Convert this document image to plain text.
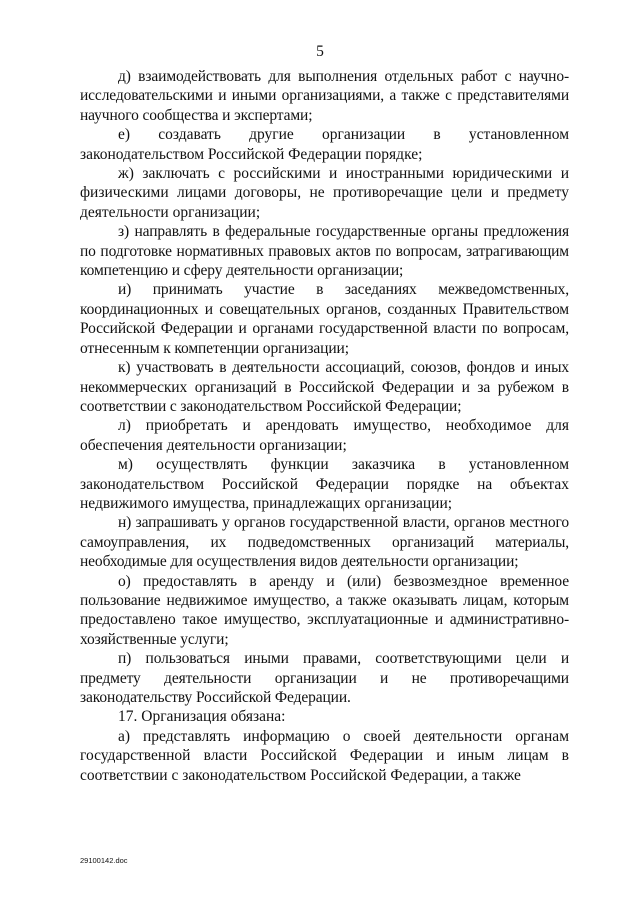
5

д) взаимодействовать для выполнения отдельных работ с научно-исследовательскими и иными организациями, а также с представителями научного сообщества и экспертами;

е) создавать другие организации в установленном законодательством Российской Федерации порядке;

ж) заключать с российскими и иностранными юридическими и физическими лицами договоры, не противоречащие цели и предмету деятельности организации;

з) направлять в федеральные государственные органы предложения по подготовке нормативных правовых актов по вопросам, затрагивающим компетенцию и сферу деятельности организации;

и) принимать участие в заседаниях межведомственных, координационных и совещательных органов, созданных Правительством Российской Федерации и органами государственной власти по вопросам, отнесенным к компетенции организации;

к) участвовать в деятельности ассоциаций, союзов, фондов и иных некоммерческих организаций в Российской Федерации и за рубежом в соответствии с законодательством Российской Федерации;

л) приобретать и арендовать имущество, необходимое для обеспечения деятельности организации;

м) осуществлять функции заказчика в установленном законодательством Российской Федерации порядке на объектах недвижимого имущества, принадлежащих организации;

н) запрашивать у органов государственной власти, органов местного самоуправления, их подведомственных организаций материалы, необходимые для осуществления видов деятельности организации;

о) предоставлять в аренду и (или) безвозмездное временное пользование недвижимое имущество, а также оказывать лицам, которым предоставлено такое имущество, эксплуатационные и административно-хозяйственные услуги;

п) пользоваться иными правами, соответствующими цели и предмету деятельности организации и не противоречащими законодательству Российской Федерации.

17. Организация обязана:

а) представлять информацию о своей деятельности органам государственной власти Российской Федерации и иным лицам в соответствии с законодательством Российской Федерации, а также

29100142.doc
